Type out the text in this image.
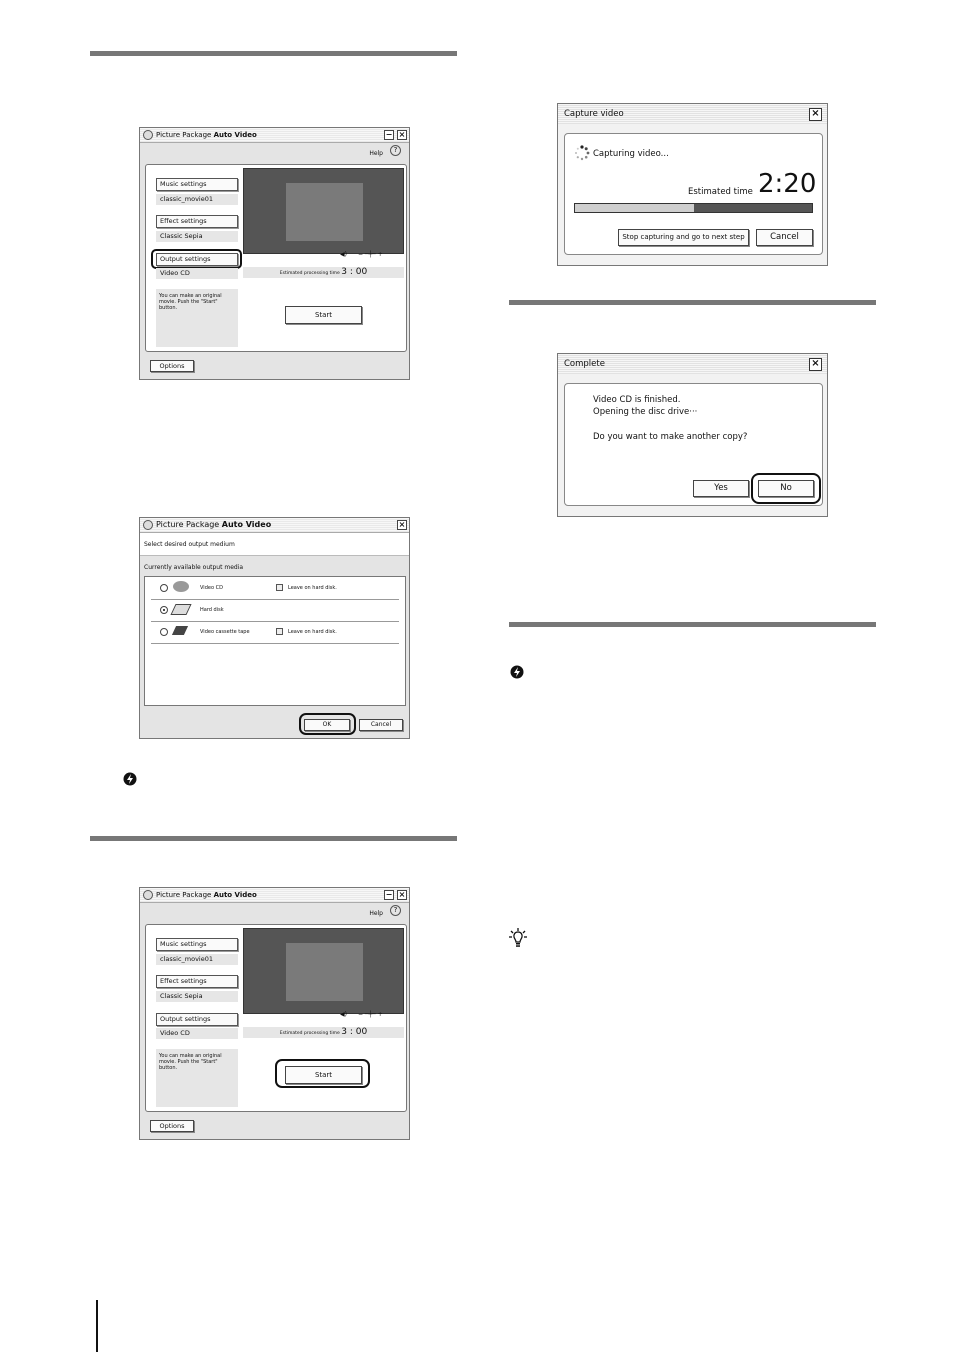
Picture Package Auto Video	− ×
Help	?
Music settings
classic_movie01
Effect settings
Classic Sepia
Output settings
Video CD
You can make an original movie. Push the "Start" button.
◀) − ─┼─ +
Estimated processing time 3 : 00
Start
Options
Picture Package Auto Video	×
Select desired output medium
Currently available output media
Video CD	Leave on hard disk.
Hard disk
Video cassette tape	Leave on hard disk.
OK	Cancel
Picture Package Auto Video	− ×
Help	?
Music settings
classic_movie01
Effect settings
Classic Sepia
Output settings
Video CD
You can make an original movie. Push the "Start" button.
◀) − ─┼─ +
Estimated processing time 3 : 00
Start
Options
Capture video	×
Capturing video...
Estimated time 2:20
Stop capturing and go to next step	Cancel
Complete	×
Video CD is finished.
Opening the disc drive···
Do you want to make another copy?
Yes	No
